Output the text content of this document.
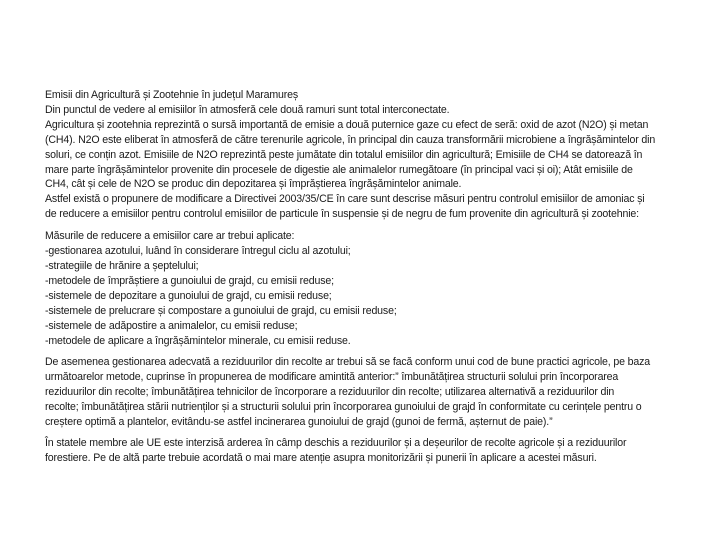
Emisii din Agricultură și Zootehnie în județul Maramureș
Din punctul de vedere al emisiilor în atmosferă cele două ramuri sunt total interconectate.
Agricultura și zootehnia reprezintă o sursă importantă de emisie a două puternice gaze cu efect de seră: oxid de azot (N2O) și metan
(CH4). N2O este eliberat în atmosferă de către terenurile agricole, în principal din cauza transformării microbiene a îngrășămintelor din
soluri, ce conțin azot. Emisiile de N2O reprezintă peste jumătate din totalul emisiilor din agricultură; Emisiile de CH4 se datorează în
mare parte îngrășămintelor provenite din procesele de digestie ale animalelor rumegătoare (în principal vaci și oi); Atât emisiile de
CH4, cât și cele de N2O se produc din depozitarea și împrăștierea îngrășămintelor animale.
Astfel există o propunere de modificare a Directivei 2003/35/CE în care sunt descrise măsuri pentru controlul emisiilor de amoniac și
de reducere a emisiilor pentru controlul emisiilor de particule în suspensie și de negru de fum provenite din agricultură și zootehnie:
Măsurile de reducere a emisiilor care ar trebui aplicate:
-gestionarea azotului, luând în considerare întregul ciclu al azotului;
-strategiile de hrănire a șeptelului;
-metodele de împrăștiere a gunoiului de grajd, cu emisii reduse;
-sistemele de depozitare a gunoiului de grajd, cu emisii reduse;
-sistemele de prelucrare și compostare a gunoiului de grajd, cu emisii reduse;
-sistemele de adăpostire a animalelor, cu emisii reduse;
-metodele de aplicare a îngrășămintelor minerale, cu emisii reduse.
De asemenea gestionarea adecvată a reziduurilor din recolte ar trebui să se facă conform unui cod de bune practici agricole, pe baza
următoarelor metode, cuprinse în propunerea de modificare amintită anterior:” îmbunătățirea structurii solului prin încorporarea
reziduurilor din recolte; îmbunătățirea tehnicilor de încorporare a reziduurilor din recolte; utilizarea alternativă a reziduurilor din
recolte; îmbunătățirea stării nutrienților și a structurii solului prin încorporarea gunoiului de grajd în conformitate cu cerințele pentru o
creștere optimă a plantelor, evitându-se astfel incinerarea gunoiului de grajd (gunoi de fermă, așternut de paie).”
În statele membre ale UE este interzisă arderea în câmp deschis a reziduurilor și a deșeurilor de recolte agricole și a reziduurilor
forestiere. Pe de altă parte trebuie acordată o mai mare atenție asupra monitorizării și punerii în aplicare a acestei măsuri.
